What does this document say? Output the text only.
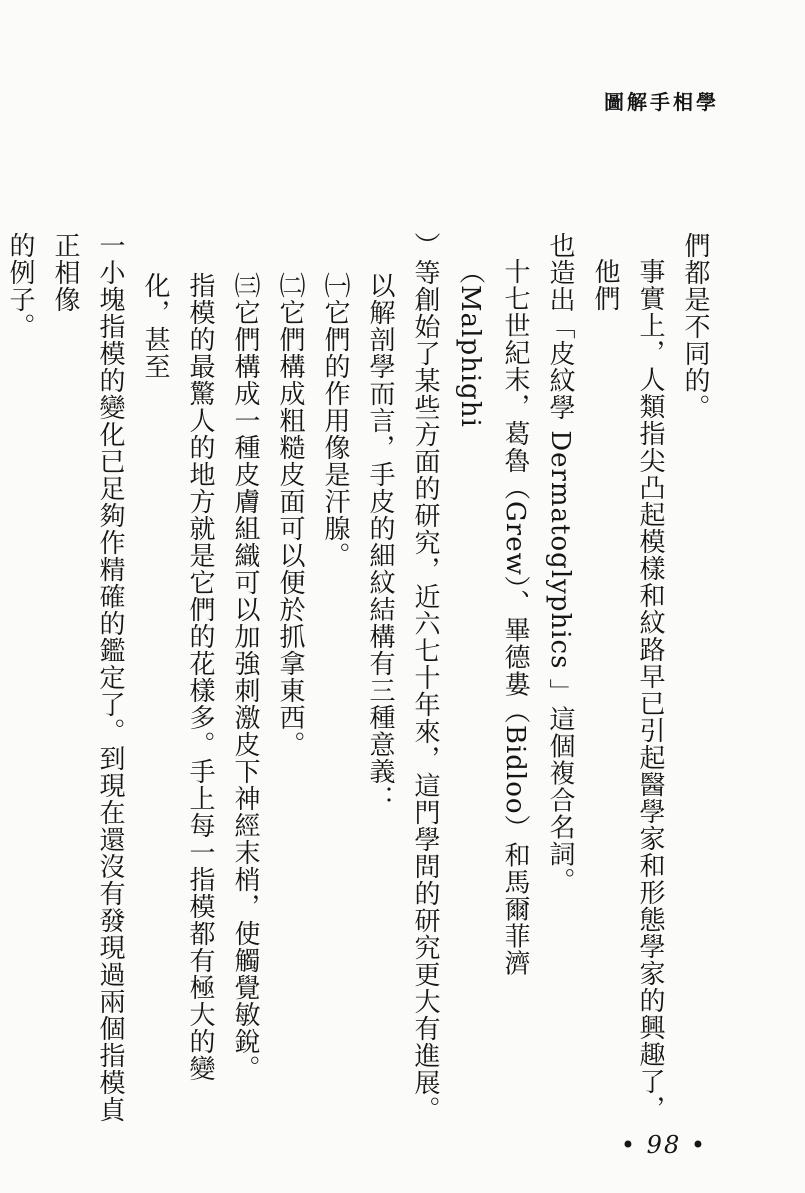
圖解手相學
們都是不同的。
事實上，人類指尖凸起模樣和紋路早已引起醫學家和形態學家的興趣了，他們
也造出「皮紋學 Dermatoglyphics 」這個複合名詞。
十七世紀末，葛魯（Grew）、畢德婁（Bidloo）和馬爾菲濟（Malphighi
）等創始了某些方面的研究，近六七十年來，這門學問的研究更大有進展。
以解剖學而言，手皮的細紋結構有三種意義：
㈠它們的作用像是汗腺。
㈡它們構成粗糙皮面可以便於抓拿東西。
㈢它們構成一種皮膚組織可以加強刺激皮下神經末梢，使觸覺敏銳。
指模的最驚人的地方就是它們的花樣多。手上每一指模都有極大的變化，甚至
一小塊指模的變化已足夠作精確的鑑定了。到現在還沒有發現過兩個指模貞正相像
的例子。
• 98 •
